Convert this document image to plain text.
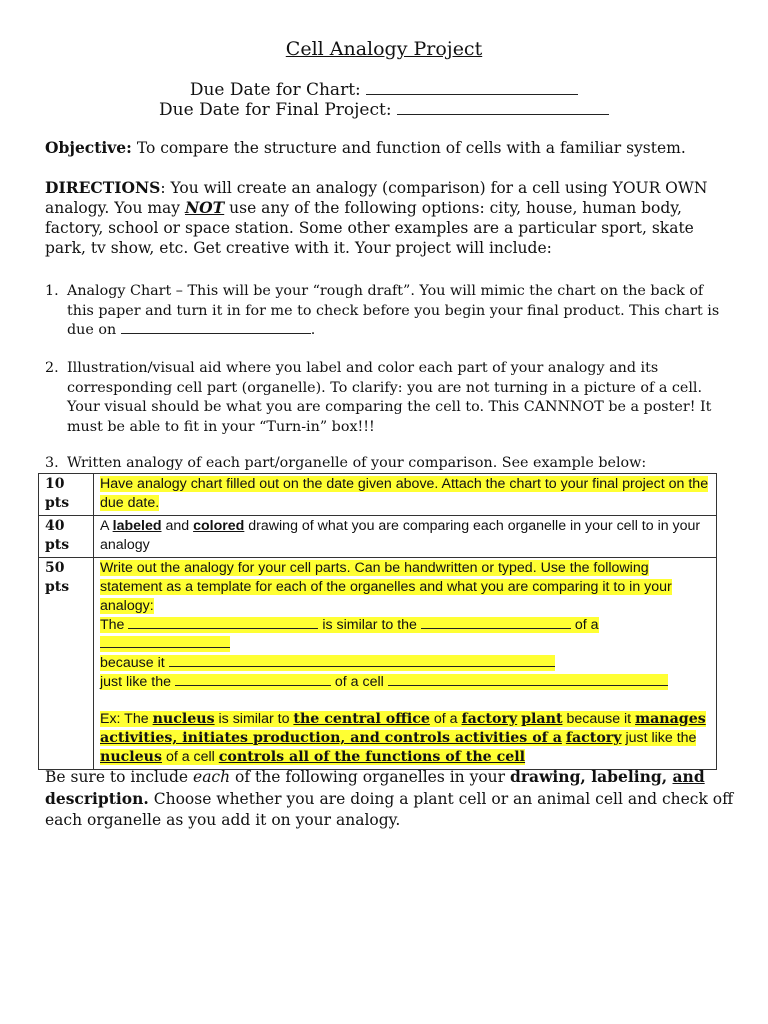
Cell Analogy Project
Due Date for Chart:
Due Date for Final Project:
Objective: To compare the structure and function of cells with a familiar system.
DIRECTIONS: You will create an analogy (comparison) for a cell using YOUR OWN analogy. You may NOT use any of the following options: city, house, human body, factory, school or space station. Some other examples are a particular sport, skate park, tv show, etc. Get creative with it. Your project will include:
1. Analogy Chart – This will be your “rough draft”. You will mimic the chart on the back of this paper and turn it in for me to check before you begin your final product. This chart is due on	.
2. Illustration/visual aid where you label and color each part of your analogy and its corresponding cell part (organelle). To clarify: you are not turning in a picture of a cell. Your visual should be what you are comparing the cell to. This CANNNOT be a poster! It must be able to fit in your “Turn-in” box!!!
3. Written analogy of each part/organelle of your comparison. See example below:
10 pts	Have analogy chart filled out on the date given above. Attach the chart to your final project on the due date.
40 pts	A labeled and colored drawing of what you are comparing each organelle in your cell to in your analogy
50 pts	Write out the analogy for your cell parts. Can be handwritten or typed. Use the following statement as a template for each of the organelles and what you are comparing it to in your analogy:
The is similar to the of a
because it
just like the of a cell
Ex: The nucleus is similar to the central office of a factory plant because it manages activities, initiates production, and controls activities of a factory just like the nucleus of a cell controls all of the functions of the cell
Be sure to include each of the following organelles in your drawing, labeling, and description. Choose whether you are doing a plant cell or an animal cell and check off each organelle as you add it on your analogy.
